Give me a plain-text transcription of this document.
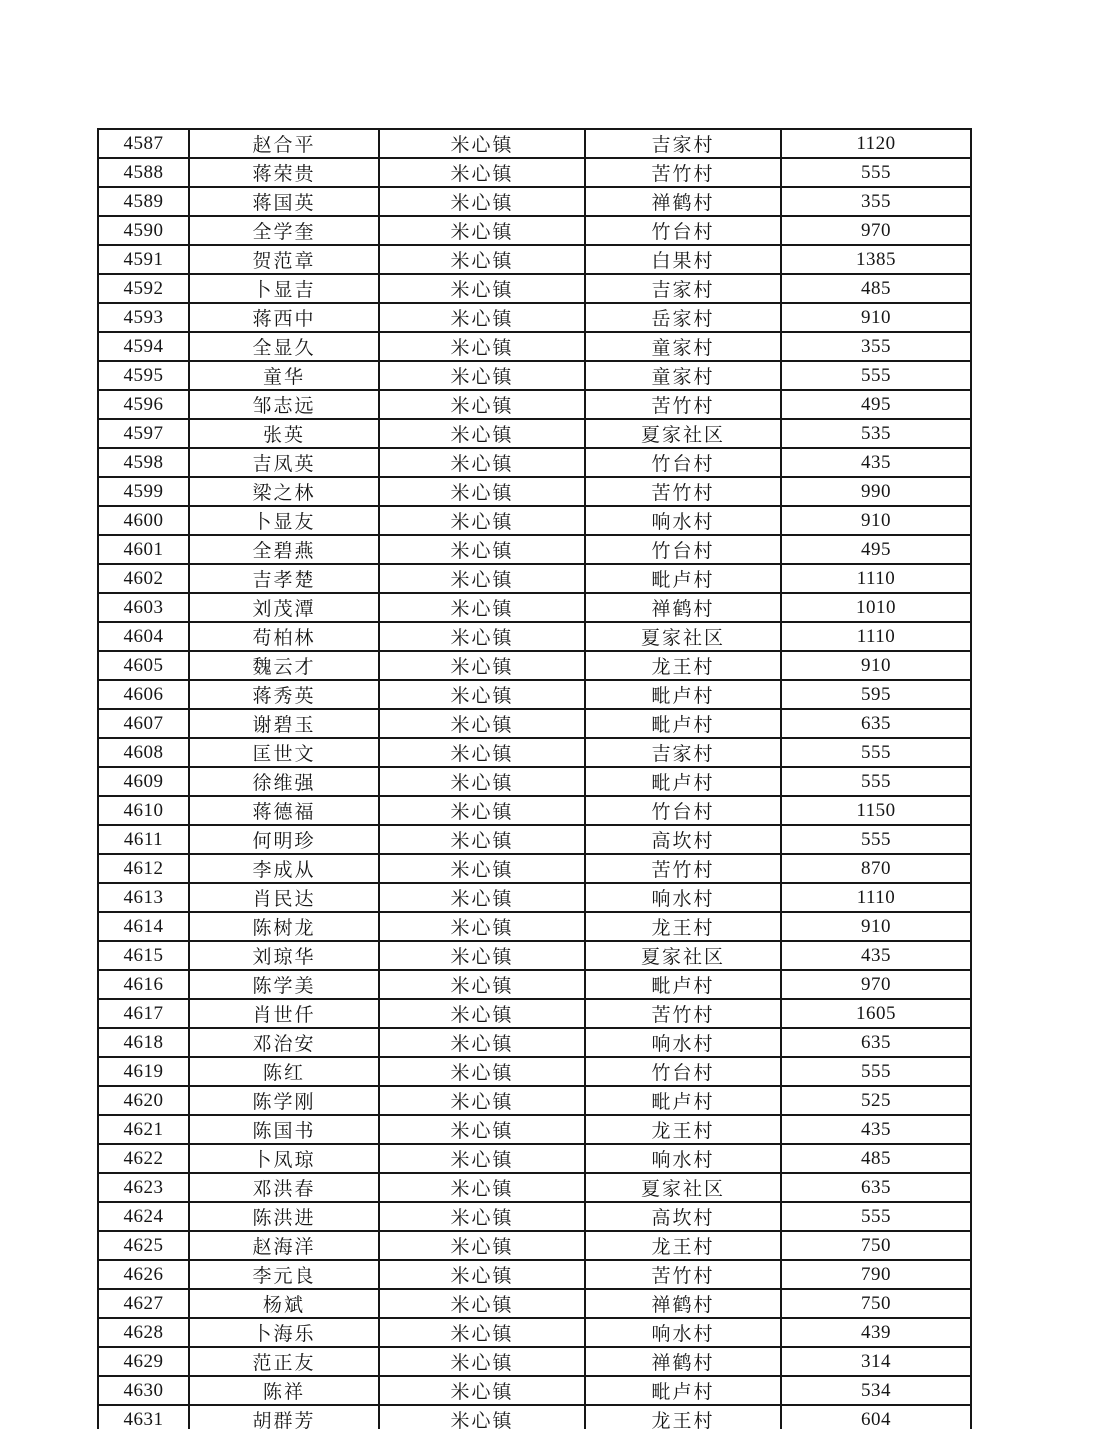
4587	赵合平	米心镇	吉家村	1120
4588	蒋荣贵	米心镇	苦竹村	555
4589	蒋国英	米心镇	禅鹤村	355
4590	全学奎	米心镇	竹台村	970
4591	贺范章	米心镇	白果村	1385
4592	卜显吉	米心镇	吉家村	485
4593	蒋西中	米心镇	岳家村	910
4594	全显久	米心镇	童家村	355
4595	童华	米心镇	童家村	555
4596	邹志远	米心镇	苦竹村	495
4597	张英	米心镇	夏家社区	535
4598	吉凤英	米心镇	竹台村	435
4599	梁之林	米心镇	苦竹村	990
4600	卜显友	米心镇	响水村	910
4601	全碧燕	米心镇	竹台村	495
4602	吉孝楚	米心镇	毗卢村	1110
4603	刘茂潭	米心镇	禅鹤村	1010
4604	苟柏林	米心镇	夏家社区	1110
4605	魏云才	米心镇	龙王村	910
4606	蒋秀英	米心镇	毗卢村	595
4607	谢碧玉	米心镇	毗卢村	635
4608	匡世文	米心镇	吉家村	555
4609	徐维强	米心镇	毗卢村	555
4610	蒋德福	米心镇	竹台村	1150
4611	何明珍	米心镇	高坎村	555
4612	李成从	米心镇	苦竹村	870
4613	肖民达	米心镇	响水村	1110
4614	陈树龙	米心镇	龙王村	910
4615	刘琼华	米心镇	夏家社区	435
4616	陈学美	米心镇	毗卢村	970
4617	肖世仟	米心镇	苦竹村	1605
4618	邓治安	米心镇	响水村	635
4619	陈红	米心镇	竹台村	555
4620	陈学刚	米心镇	毗卢村	525
4621	陈国书	米心镇	龙王村	435
4622	卜凤琼	米心镇	响水村	485
4623	邓洪春	米心镇	夏家社区	635
4624	陈洪进	米心镇	高坎村	555
4625	赵海洋	米心镇	龙王村	750
4626	李元良	米心镇	苦竹村	790
4627	杨斌	米心镇	禅鹤村	750
4628	卜海乐	米心镇	响水村	439
4629	范正友	米心镇	禅鹤村	314
4630	陈祥	米心镇	毗卢村	534
4631	胡群芳	米心镇	龙王村	604
